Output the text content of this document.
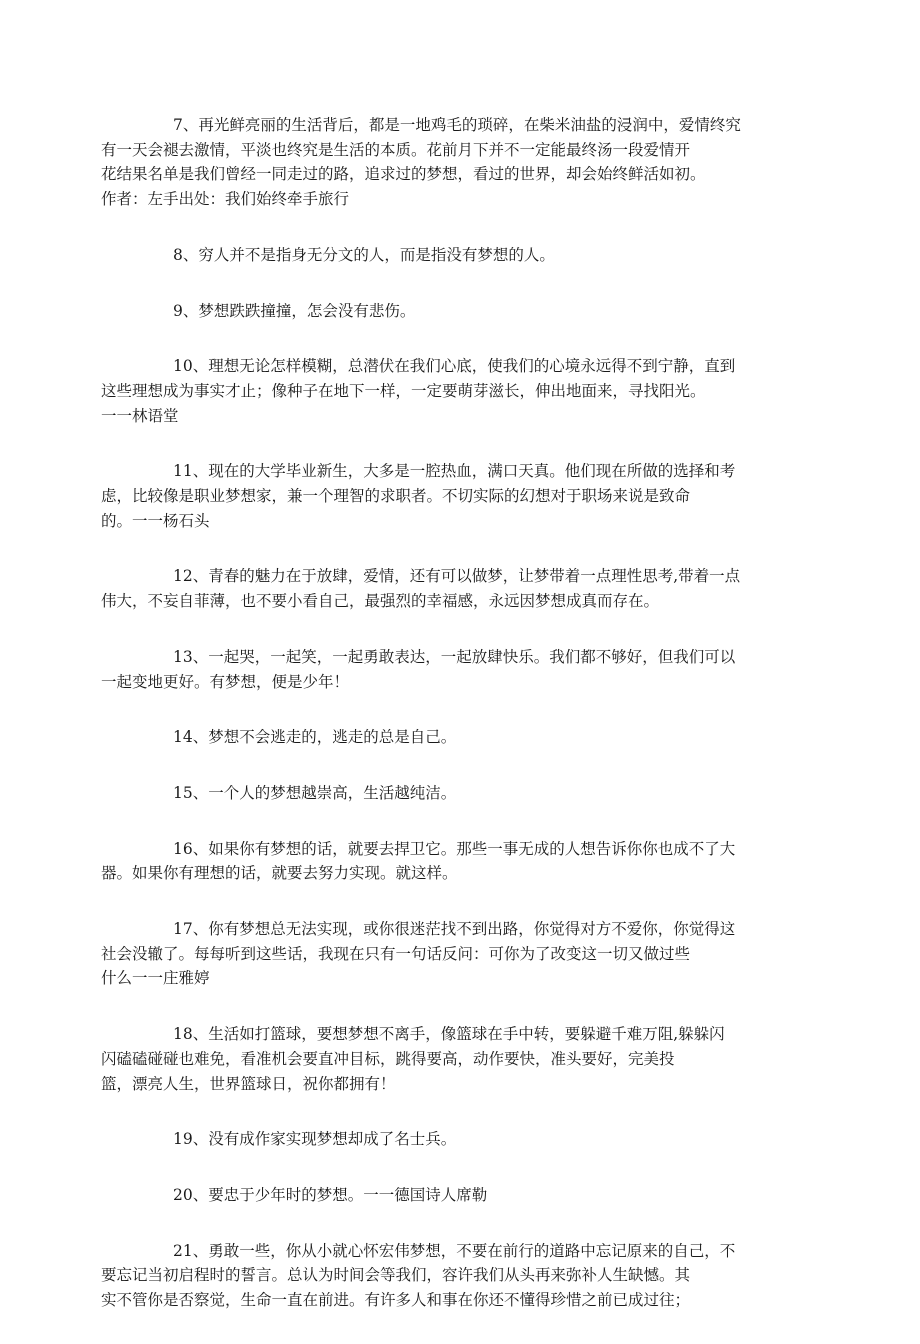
7、再光鲜亮丽的生活背后，都是一地鸡毛的琐碎，在柴米油盐的浸润中，爱情终究
有一天会褪去激情，平淡也终究是生活的本质。花前月下并不一定能最终汤一段爱情开
花结果名单是我们曾经一同走过的路，追求过的梦想，看过的世界，却会始终鲜活如初。
作者：左手出处：我们始终牵手旅行
8、穷人并不是指身无分文的人，而是指没有梦想的人。
9、梦想跌跌撞撞，怎会没有悲伤。
10、理想无论怎样模糊，总潜伏在我们心底，使我们的心境永远得不到宁静，直到
这些理想成为事实才止；像种子在地下一样，一定要萌芽滋长，伸出地面来，寻找阳光。
一一林语堂
11、现在的大学毕业新生，大多是一腔热血，满口天真。他们现在所做的选择和考
虑，比较像是职业梦想家，兼一个理智的求职者。不切实际的幻想对于职场来说是致命
的。一一杨石头
12、青春的魅力在于放肆，爱情，还有可以做梦，让梦带着一点理性思考,带着一点
伟大，不妄自菲薄，也不要小看自己，最强烈的幸福感，永远因梦想成真而存在。
13、一起哭，一起笑，一起勇敢表达，一起放肆快乐。我们都不够好，但我们可以
一起变地更好。有梦想，便是少年！
14、梦想不会逃走的，逃走的总是自己。
15、一个人的梦想越崇高，生活越纯洁。
16、如果你有梦想的话，就要去捍卫它。那些一事无成的人想告诉你你也成不了大
器。如果你有理想的话，就要去努力实现。就这样。
17、你有梦想总无法实现，或你很迷茫找不到出路，你觉得对方不爱你，你觉得这
社会没辙了。每每听到这些话，我现在只有一句话反问：可你为了改变这一切又做过些
什么一一庄雅婷
18、生活如打篮球，要想梦想不离手，像篮球在手中转，要躲避千难万阻,躲躲闪
闪磕磕碰碰也难免，看准机会要直冲目标，跳得要高，动作要快，准头要好，完美投
篮，漂亮人生，世界篮球日，祝你都拥有！
19、没有成作家实现梦想却成了名士兵。
20、要忠于少年时的梦想。一一德国诗人席勒
21、勇敢一些，你从小就心怀宏伟梦想，不要在前行的道路中忘记原来的自己，不
要忘记当初启程时的誓言。总认为时间会等我们，容许我们从头再来弥补人生缺憾。其
实不管你是否察觉，生命一直在前进。有许多人和事在你还不懂得珍惜之前已成过往；
